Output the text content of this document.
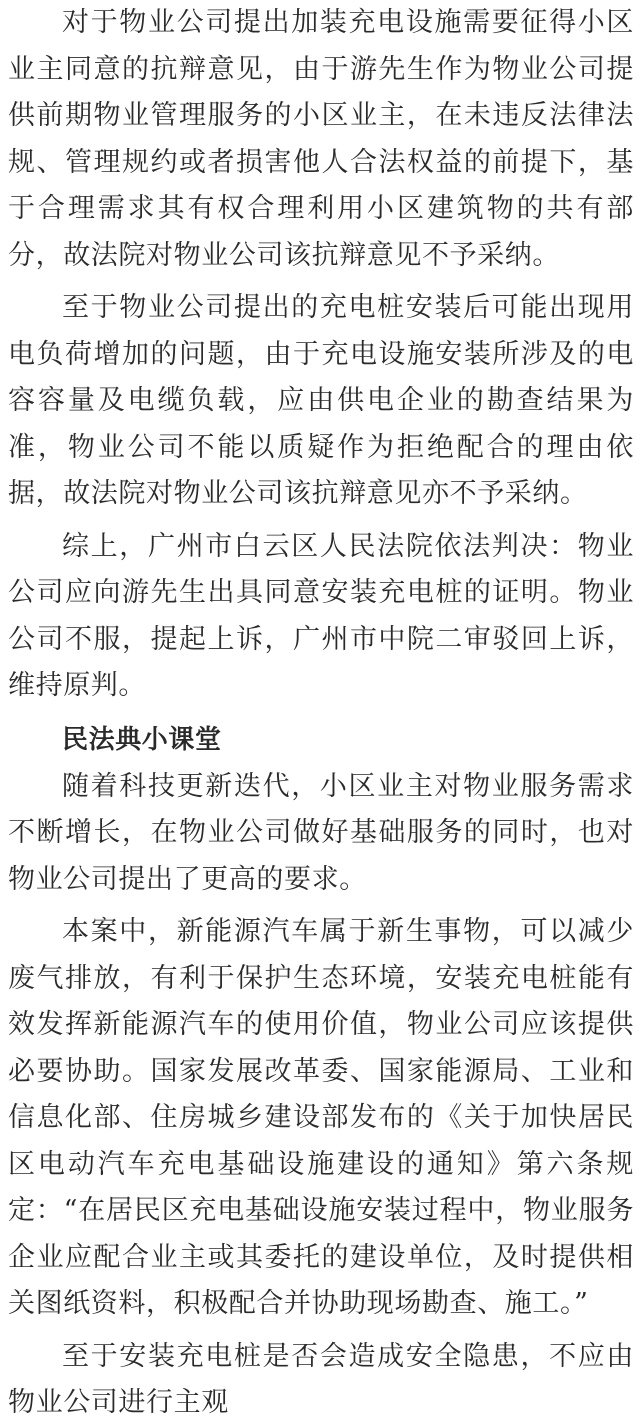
对于物业公司提出加装充电设施需要征得小区业主同意的抗辩意见，由于游先生作为物业公司提供前期物业管理服务的小区业主，在未违反法律法规、管理规约或者损害他人合法权益的前提下，基于合理需求其有权合理利用小区建筑物的共有部分，故法院对物业公司该抗辩意见不予采纳。

至于物业公司提出的充电桩安装后可能出现用电负荷增加的问题，由于充电设施安装所涉及的电容容量及电缆负载，应由供电企业的勘查结果为准，物业公司不能以质疑作为拒绝配合的理由依据，故法院对物业公司该抗辩意见亦不予采纳。

综上，广州市白云区人民法院依法判决：物业公司应向游先生出具同意安装充电桩的证明。物业公司不服，提起上诉，广州市中院二审驳回上诉，维持原判。

民法典小课堂

随着科技更新迭代，小区业主对物业服务需求不断增长，在物业公司做好基础服务的同时，也对物业公司提出了更高的要求。

本案中，新能源汽车属于新生事物，可以减少废气排放，有利于保护生态环境，安装充电桩能有效发挥新能源汽车的使用价值，物业公司应该提供必要协助。国家发展改革委、国家能源局、工业和信息化部、住房城乡建设部发布的《关于加快居民区电动汽车充电基础设施建设的通知》第六条规定：“在居民区充电基础设施安装过程中，物业服务企业应配合业主或其委托的建设单位，及时提供相关图纸资料，积极配合并协助现场勘查、施工。”

至于安装充电桩是否会造成安全隐患，不应由物业公司进行主观
